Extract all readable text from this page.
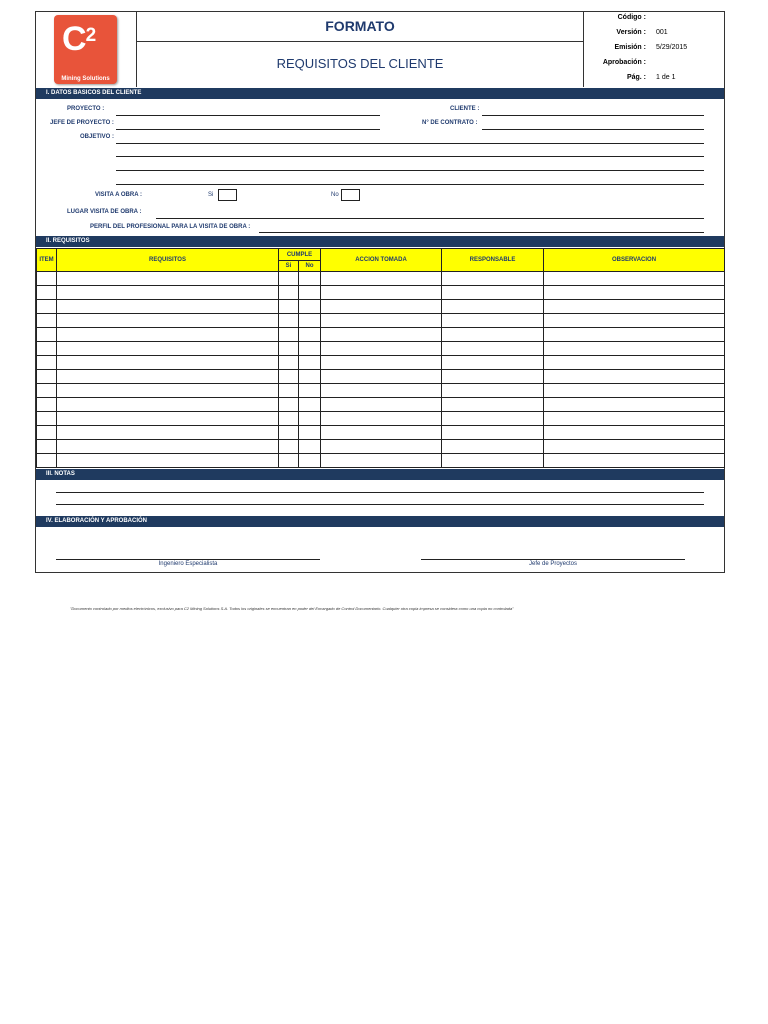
$C^2$
Mining Solutions
FORMATO
REQUISITOS DEL CLIENTE
Código :
Versión : 001
Emisión : 5/29/2015
Aprobación :
Pág. : 1 de 1
I. DATOS BASICOS DEL CLIENTE
PROYECTO :	CLIENTE :
JEFE DE PROYECTO :	N° DE CONTRATO :
OBJETIVO :
VISITA A OBRA :	Si	No
LUGAR VISITA DE OBRA :
PERFIL DEL PROFESIONAL PARA LA VISITA DE OBRA :
II. REQUISITOS
ITEM	REQUISITOS	CUMPLE		ACCION TOMADA	RESPONSABLE	OBSERVACION
		Si	No			

III. NOTAS
IV. ELABORACIÓN Y APROBACIÓN
Ingeniero Especialista	Jefe de Proyectos
"Documento controlado por medios electrónicos, exclusivo para C2 Mining Solutions S.A. Todos los originales se encuentran en poder del Encargado de Control Documentario. Cualquier otra copia impresa se considera como una copia no controlada"
